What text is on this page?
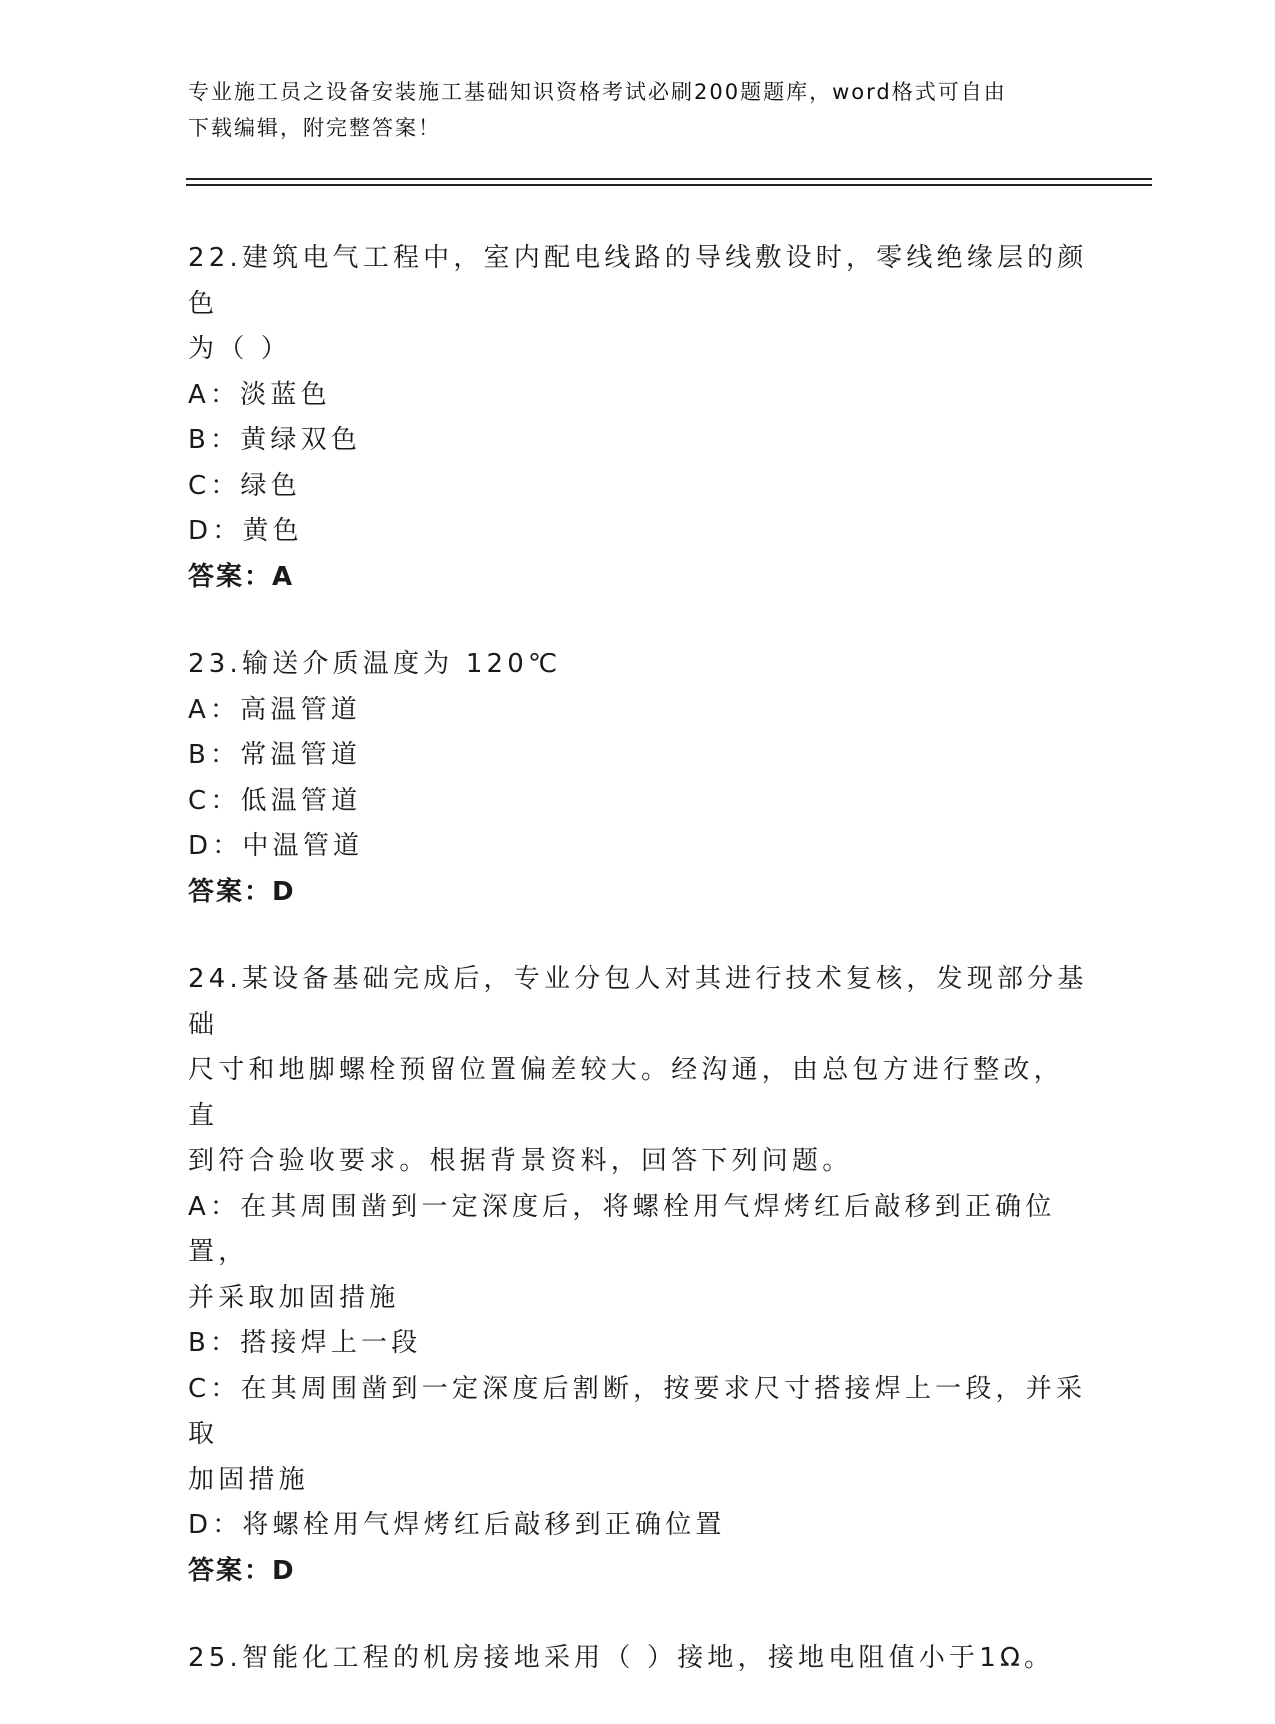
专业施工员之设备安装施工基础知识资格考试必刷200题题库，word格式可自由
下载编辑，附完整答案！

22.建筑电气工程中，室内配电线路的导线敷设时，零线绝缘层的颜色

为（ ）

A：淡蓝色

B：黄绿双色

C：绿色

D：黄色

答案：A

23.输送介质温度为 120℃

A：高温管道

B：常温管道

C：低温管道

D：中温管道

答案：D

24.某设备基础完成后，专业分包人对其进行技术复核，发现部分基础

尺寸和地脚螺栓预留位置偏差较大。经沟通，由总包方进行整改，直

到符合验收要求。根据背景资料，回答下列问题。

A：在其周围凿到一定深度后，将螺栓用气焊烤红后敲移到正确位置，

并采取加固措施

B：搭接焊上一段

C：在其周围凿到一定深度后割断，按要求尺寸搭接焊上一段，并采取

加固措施

D：将螺栓用气焊烤红后敲移到正确位置

答案：D

25.智能化工程的机房接地采用（ ）接地，接地电阻值小于1Ω。
